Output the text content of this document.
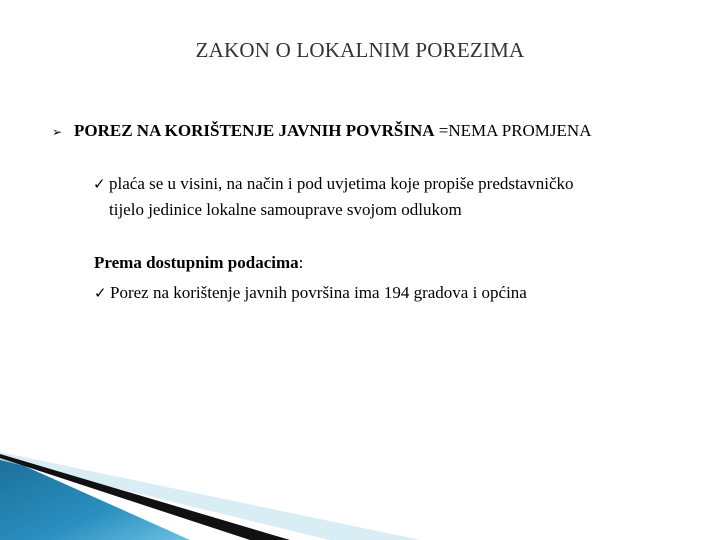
ZAKON O LOKALNIM POREZIMA
➢ POREZ NA KORIŠTENJE JAVNIH POVRŠINA =NEMA PROMJENA
✓ plaća se u visini, na način i pod uvjetima koje propiše predstavničko
tijelo jedinice lokalne samouprave svojom odlukom
Prema dostupnim podacima:
✓ Porez na korištenje javnih površina ima 194 gradova i općina
